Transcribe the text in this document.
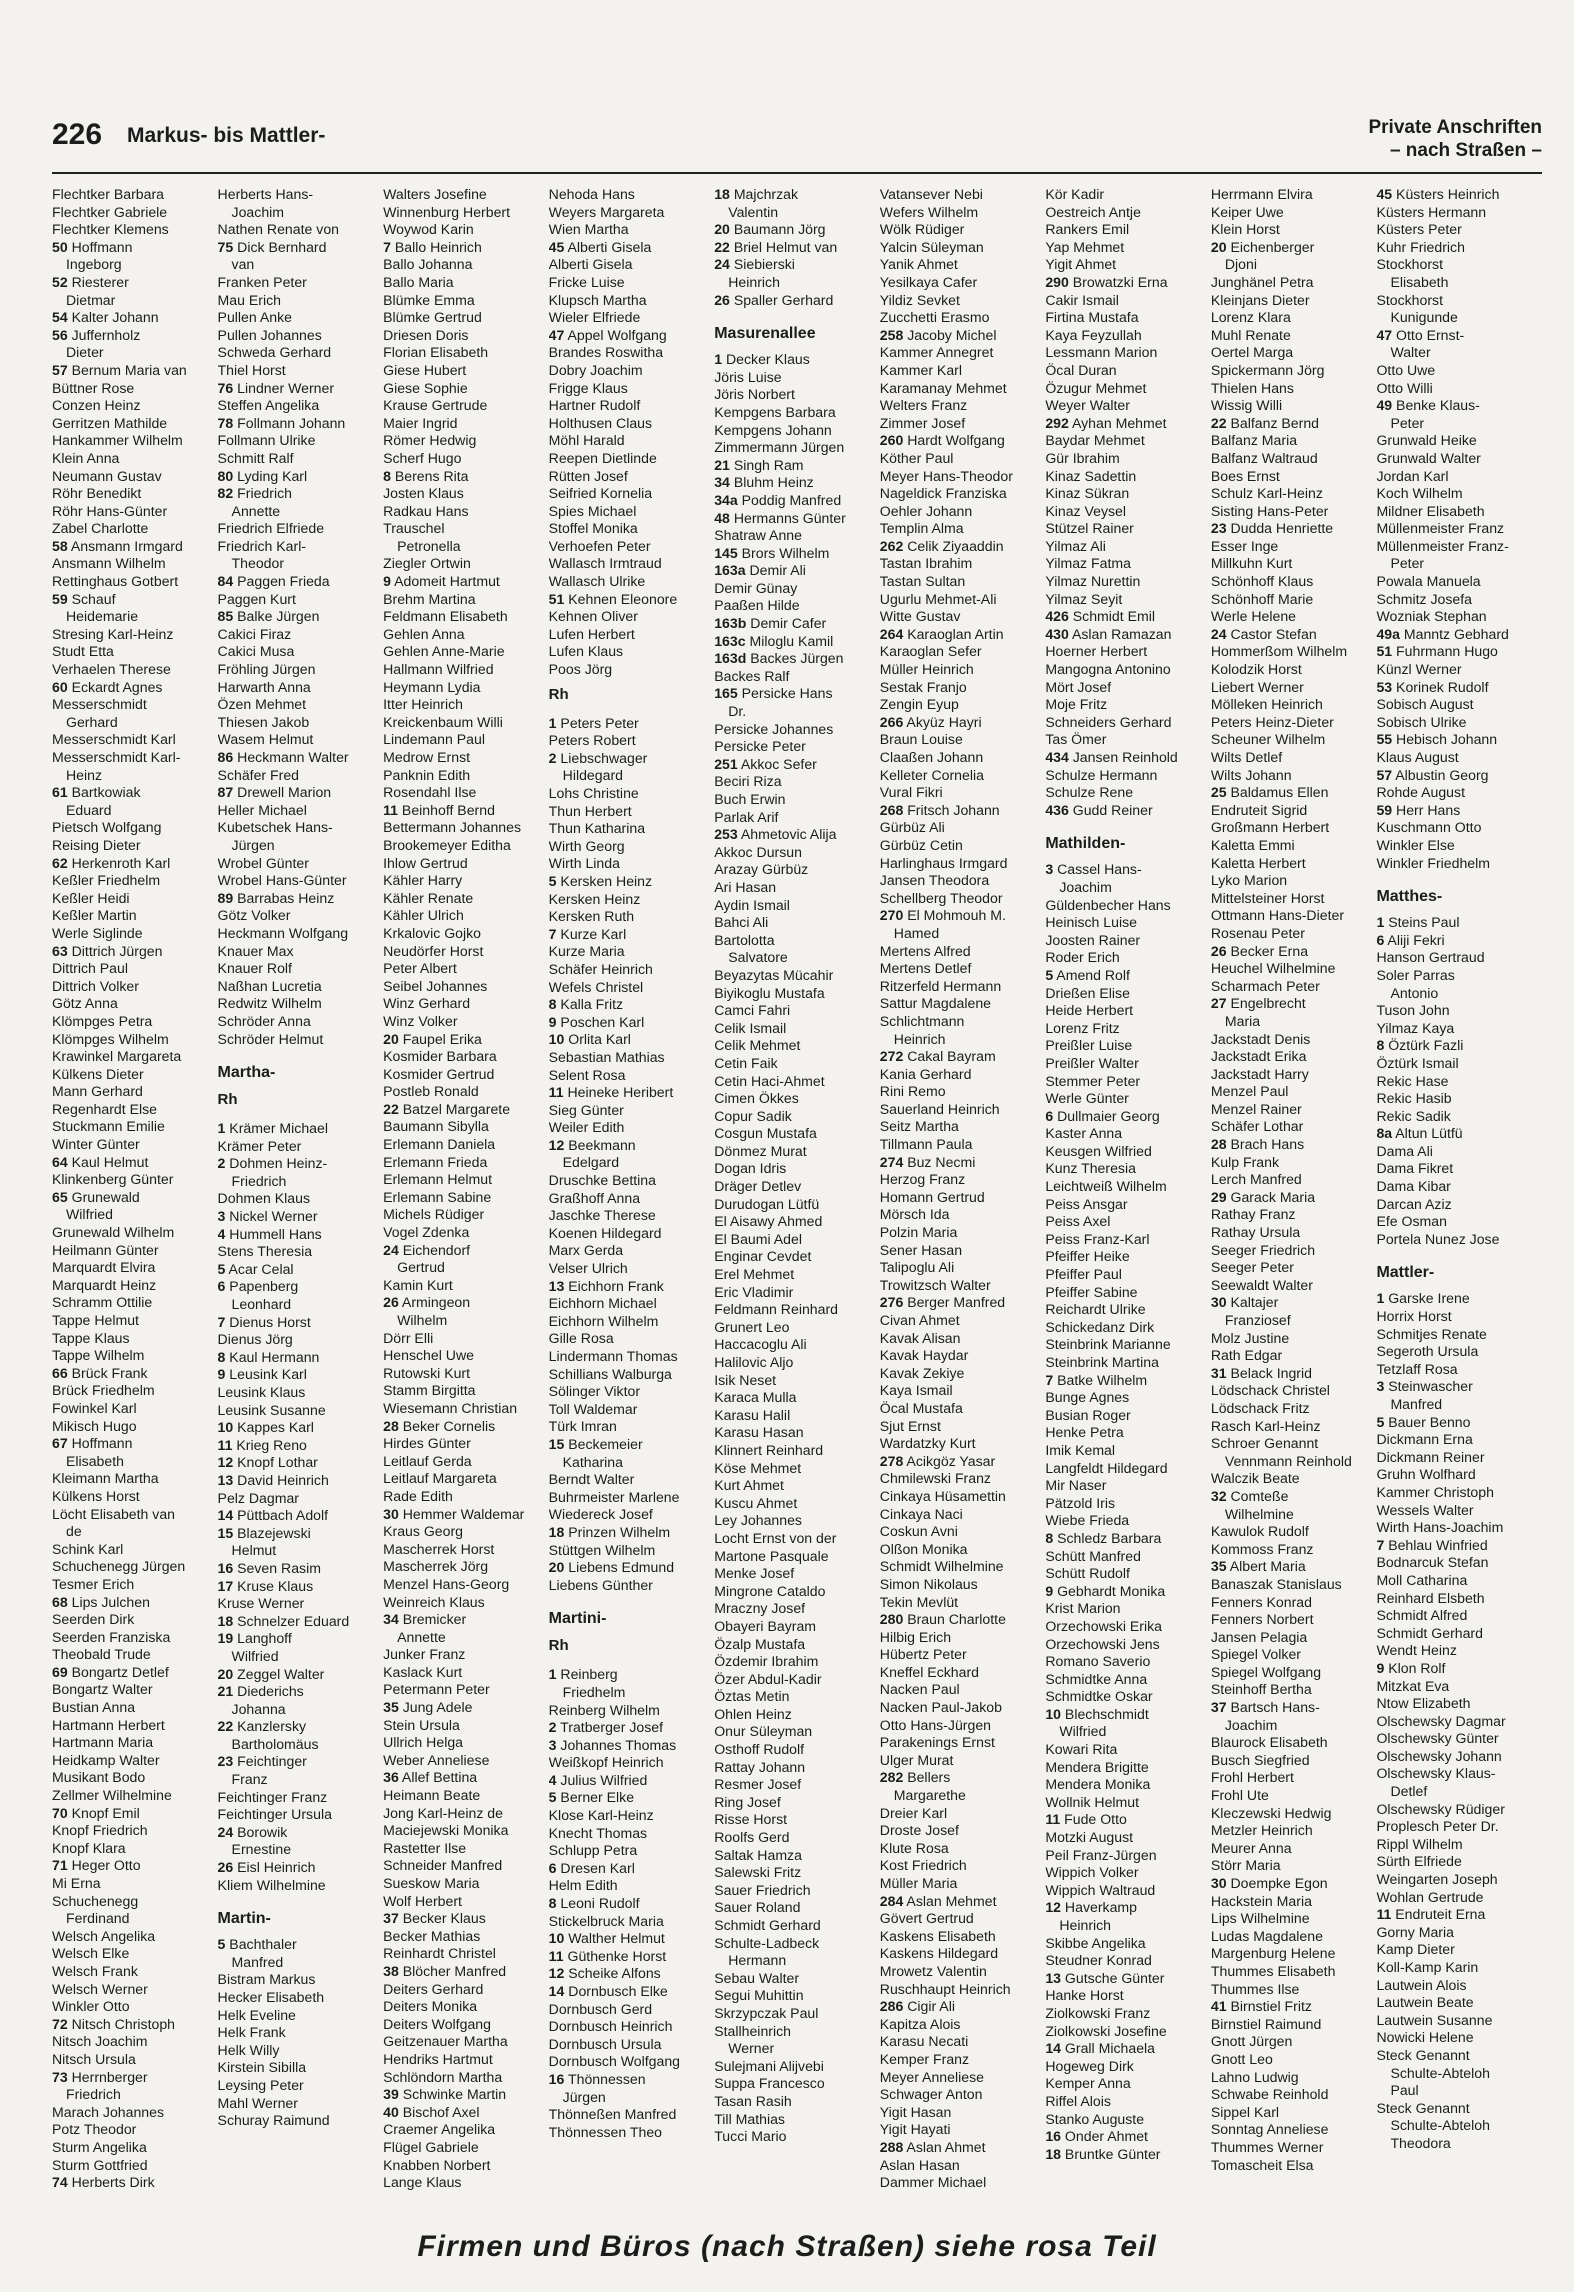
226 Markus- bis Mattler-	Private Anschriften
– nach Straßen –
Flechtker Barbara
Flechtker Gabriele
Flechtker Klemens
50 Hoffmann
Ingeborg
52 Riesterer
Dietmar
54 Kalter Johann
56 Juffernholz
Dieter
57 Bernum Maria van
Büttner Rose
Conzen Heinz
Gerritzen Mathilde
Hankammer Wilhelm
Klein Anna
Neumann Gustav
Röhr Benedikt
Röhr Hans-Günter
Zabel Charlotte
58 Ansmann Irmgard
Ansmann Wilhelm
Rettinghaus Gotbert
59 Schauf
Heidemarie
Stresing Karl-Heinz
Studt Etta
Verhaelen Therese
60 Eckardt Agnes
Messerschmidt
Gerhard
Messerschmidt Karl
Messerschmidt Karl-
Heinz
61 Bartkowiak
Eduard
Pietsch Wolfgang
Reising Dieter
62 Herkenroth Karl
Keßler Friedhelm
Keßler Heidi
Keßler Martin
Werle Siglinde
63 Dittrich Jürgen
Dittrich Paul
Dittrich Volker
Götz Anna
Klömpges Petra
Klömpges Wilhelm
Krawinkel Margareta
Külkens Dieter
Mann Gerhard
Regenhardt Else
Stuckmann Emilie
Winter Günter
64 Kaul Helmut
Klinkenberg Günter
65 Grunewald
Wilfried
Grunewald Wilhelm
Heilmann Günter
Marquardt Elvira
Marquardt Heinz
Schramm Ottilie
Tappe Helmut
Tappe Klaus
Tappe Wilhelm
66 Brück Frank
Brück Friedhelm
Fowinkel Karl
Mikisch Hugo
67 Hoffmann
Elisabeth
Kleimann Martha
Külkens Horst
Löcht Elisabeth van
de
Schink Karl
Schuchenegg Jürgen
Tesmer Erich
68 Lips Julchen
Seerden Dirk
Seerden Franziska
Theobald Trude
69 Bongartz Detlef
Bongartz Walter
Bustian Anna
Hartmann Herbert
Hartmann Maria
Heidkamp Walter
Musikant Bodo
Zellmer Wilhelmine
70 Knopf Emil
Knopf Friedrich
Knopf Klara
71 Heger Otto
Mi Erna
Schuchenegg
Ferdinand
Welsch Angelika
Welsch Elke
Welsch Frank
Welsch Werner
Winkler Otto
72 Nitsch Christoph
Nitsch Joachim
Nitsch Ursula
73 Herrnberger
Friedrich
Marach Johannes
Potz Theodor
Sturm Angelika
Sturm Gottfried
74 Herberts Dirk
Herberts Hans-
Joachim
Nathen Renate von
75 Dick Bernhard
van
Franken Peter
Mau Erich
Pullen Anke
Pullen Johannes
Schweda Gerhard
Thiel Horst
76 Lindner Werner
Steffen Angelika
78 Follmann Johann
Follmann Ulrike
Schmitt Ralf
80 Lyding Karl
82 Friedrich
Annette
Friedrich Elfriede
Friedrich Karl-
Theodor
84 Paggen Frieda
Paggen Kurt
85 Balke Jürgen
Cakici Firaz
Cakici Musa
Fröhling Jürgen
Harwarth Anna
Özen Mehmet
Thiesen Jakob
Wasem Helmut
86 Heckmann Walter
Schäfer Fred
87 Drewell Marion
Heller Michael
Kubetschek Hans-
Jürgen
Wrobel Günter
Wrobel Hans-Günter
89 Barrabas Heinz
Götz Volker
Heckmann Wolfgang
Knauer Max
Knauer Rolf
Naßhan Lucretia
Redwitz Wilhelm
Schröder Anna
Schröder Helmut
Martha-
Rh
1 Krämer Michael
Krämer Peter
2 Dohmen Heinz-
Friedrich
Dohmen Klaus
3 Nickel Werner
4 Hummell Hans
Stens Theresia
5 Acar Celal
6 Papenberg
Leonhard
7 Dienus Horst
Dienus Jörg
8 Kaul Hermann
9 Leusink Karl
Leusink Klaus
Leusink Susanne
10 Kappes Karl
11 Krieg Reno
12 Knopf Lothar
13 David Heinrich
Pelz Dagmar
14 Püttbach Adolf
15 Blazejewski
Helmut
16 Seven Rasim
17 Kruse Klaus
Kruse Werner
18 Schnelzer Eduard
19 Langhoff
Wilfried
20 Zeggel Walter
21 Diederichs
Johanna
22 Kanzlersky
Bartholomäus
23 Feichtinger
Franz
Feichtinger Franz
Feichtinger Ursula
24 Borowik
Ernestine
26 Eisl Heinrich
Kliem Wilhelmine
Martin-
5 Bachthaler
Manfred
Bistram Markus
Hecker Elisabeth
Helk Eveline
Helk Frank
Helk Willy
Kirstein Sibilla
Leysing Peter
Mahl Werner
Schuray Raimund
Walters Josefine
Winnenburg Herbert
Woywod Karin
7 Ballo Heinrich
Ballo Johanna
Ballo Maria
Blümke Emma
Blümke Gertrud
Driesen Doris
Florian Elisabeth
Giese Hubert
Giese Sophie
Krause Gertrude
Maier Ingrid
Römer Hedwig
Scherf Hugo
8 Berens Rita
Josten Klaus
Radkau Hans
Trauschel
Petronella
Ziegler Ortwin
9 Adomeit Hartmut
Brehm Martina
Feldmann Elisabeth
Gehlen Anna
Gehlen Anne-Marie
Hallmann Wilfried
Heymann Lydia
Itter Heinrich
Kreickenbaum Willi
Lindemann Paul
Medrow Ernst
Panknin Edith
Rosendahl Ilse
11 Beinhoff Bernd
Bettermann Johannes
Brookemeyer Editha
Ihlow Gertrud
Kähler Harry
Kähler Renate
Kähler Ulrich
Krkalovic Gojko
Neudörfer Horst
Peter Albert
Seibel Johannes
Winz Gerhard
Winz Volker
20 Faupel Erika
Kosmider Barbara
Kosmider Gertrud
Postleb Ronald
22 Batzel Margarete
Baumann Sibylla
Erlemann Daniela
Erlemann Frieda
Erlemann Helmut
Erlemann Sabine
Michels Rüdiger
Vogel Zdenka
24 Eichendorf
Gertrud
Kamin Kurt
26 Armingeon
Wilhelm
Dörr Elli
Henschel Uwe
Rutowski Kurt
Stamm Birgitta
Wiesemann Christian
28 Beker Cornelis
Hirdes Günter
Leitlauf Gerda
Leitlauf Margareta
Rade Edith
30 Hemmer Waldemar
Kraus Georg
Mascherrek Horst
Mascherrek Jörg
Menzel Hans-Georg
Weinreich Klaus
34 Bremicker
Annette
Junker Franz
Kaslack Kurt
Petermann Peter
35 Jung Adele
Stein Ursula
Ullrich Helga
Weber Anneliese
36 Allef Bettina
Heimann Beate
Jong Karl-Heinz de
Maciejewski Monika
Rastetter Ilse
Schneider Manfred
Sueskow Maria
Wolf Herbert
37 Becker Klaus
Becker Mathias
Reinhardt Christel
38 Blöcher Manfred
Deiters Gerhard
Deiters Monika
Deiters Wolfgang
Geitzenauer Martha
Hendriks Hartmut
Schlöndorn Martha
39 Schwinke Martin
40 Bischof Axel
Craemer Angelika
Flügel Gabriele
Knabben Norbert
Lange Klaus
Nehoda Hans
Weyers Margareta
Wien Martha
45 Alberti Gisela
Alberti Gisela
Fricke Luise
Klupsch Martha
Wieler Elfriede
47 Appel Wolfgang
Brandes Roswitha
Dobry Joachim
Frigge Klaus
Hartner Rudolf
Holthusen Claus
Möhl Harald
Reepen Dietlinde
Rütten Josef
Seifried Kornelia
Spies Michael
Stoffel Monika
Verhoefen Peter
Wallasch Irmtraud
Wallasch Ulrike
51 Kehnen Eleonore
Kehnen Oliver
Lufen Herbert
Lufen Klaus
Poos Jörg
Rh
1 Peters Peter
Peters Robert
2 Liebschwager
Hildegard
Lohs Christine
Thun Herbert
Thun Katharina
Wirth Georg
Wirth Linda
5 Kersken Heinz
Kersken Heinz
Kersken Ruth
7 Kurze Karl
Kurze Maria
Schäfer Heinrich
Wefels Christel
8 Kalla Fritz
9 Poschen Karl
10 Orlita Karl
Sebastian Mathias
Selent Rosa
11 Heineke Heribert
Sieg Günter
Weiler Edith
12 Beekmann
Edelgard
Druschke Bettina
Graßhoff Anna
Jaschke Therese
Koenen Hildegard
Marx Gerda
Velser Ulrich
13 Eichhorn Frank
Eichhorn Michael
Eichhorn Wilhelm
Gille Rosa
Lindermann Thomas
Schillians Walburga
Sölinger Viktor
Toll Waldemar
Türk Imran
15 Beckemeier
Katharina
Berndt Walter
Buhrmeister Marlene
Wiedereck Josef
18 Prinzen Wilhelm
Stüttgen Wilhelm
20 Liebens Edmund
Liebens Günther
Martini-
Rh
1 Reinberg
Friedhelm
Reinberg Wilhelm
2 Tratberger Josef
3 Johannes Thomas
Weißkopf Heinrich
4 Julius Wilfried
5 Berner Elke
Klose Karl-Heinz
Knecht Thomas
Schlupp Petra
6 Dresen Karl
Helm Edith
8 Leoni Rudolf
Stickelbruck Maria
10 Walther Helmut
11 Güthenke Horst
12 Scheike Alfons
14 Dornbusch Elke
Dornbusch Gerd
Dornbusch Heinrich
Dornbusch Ursula
Dornbusch Wolfgang
16 Thönnessen
Jürgen
Thönneßen Manfred
Thönnessen Theo
18 Majchrzak
Valentin
20 Baumann Jörg
22 Briel Helmut van
24 Siebierski
Heinrich
26 Spaller Gerhard
Masurenallee
1 Decker Klaus
Jöris Luise
Jöris Norbert
Kempgens Barbara
Kempgens Johann
Zimmermann Jürgen
21 Singh Ram
34 Bluhm Heinz
34a Poddig Manfred
48 Hermanns Günter
Shatraw Anne
145 Brors Wilhelm
163a Demir Ali
Demir Günay
Paaßen Hilde
163b Demir Cafer
163c Miloglu Kamil
163d Backes Jürgen
Backes Ralf
165 Persicke Hans
Dr.
Persicke Johannes
Persicke Peter
251 Akkoc Sefer
Beciri Riza
Buch Erwin
Parlak Arif
253 Ahmetovic Alija
Akkoc Dursun
Arazay Gürbüz
Ari Hasan
Aydin Ismail
Bahci Ali
Bartolotta
Salvatore
Beyazytas Mücahir
Biyikoglu Mustafa
Camci Fahri
Celik Ismail
Celik Mehmet
Cetin Faik
Cetin Haci-Ahmet
Cimen Ökkes
Copur Sadik
Cosgun Mustafa
Dönmez Murat
Dogan Idris
Dräger Detlev
Durudogan Lütfü
El Aisawy Ahmed
El Baumi Adel
Enginar Cevdet
Erel Mehmet
Eric Vladimir
Feldmann Reinhard
Grunert Leo
Haccacoglu Ali
Halilovic Aljo
Isik Neset
Karaca Mulla
Karasu Halil
Karasu Hasan
Klinnert Reinhard
Köse Mehmet
Kurt Ahmet
Kuscu Ahmet
Ley Johannes
Locht Ernst von der
Martone Pasquale
Menke Josef
Mingrone Cataldo
Mraczny Josef
Obayeri Bayram
Özalp Mustafa
Özdemir Ibrahim
Özer Abdul-Kadir
Öztas Metin
Ohlen Heinz
Onur Süleyman
Osthoff Rudolf
Rattay Johann
Resmer Josef
Ring Josef
Risse Horst
Roolfs Gerd
Saltak Hamza
Salewski Fritz
Sauer Friedrich
Sauer Roland
Schmidt Gerhard
Schulte-Ladbeck
Hermann
Sebau Walter
Segui Muhittin
Skrzypczak Paul
Stallheinrich
Werner
Sulejmani Alijvebi
Suppa Francesco
Tasan Rasih
Till Mathias
Tucci Mario
Vatansever Nebi
Wefers Wilhelm
Wölk Rüdiger
Yalcin Süleyman
Yanik Ahmet
Yesilkaya Cafer
Yildiz Sevket
Zucchetti Erasmo
258 Jacoby Michel
Kammer Annegret
Kammer Karl
Karamanay Mehmet
Welters Franz
Zimmer Josef
260 Hardt Wolfgang
Köther Paul
Meyer Hans-Theodor
Nageldick Franziska
Oehler Johann
Templin Alma
262 Celik Ziyaaddin
Tastan Ibrahim
Tastan Sultan
Ugurlu Mehmet-Ali
Witte Gustav
264 Karaoglan Artin
Karaoglan Sefer
Müller Heinrich
Sestak Franjo
Zengin Eyup
266 Akyüz Hayri
Braun Louise
Claaßen Johann
Kelleter Cornelia
Vural Fikri
268 Fritsch Johann
Gürbüz Ali
Gürbüz Cetin
Harlinghaus Irmgard
Jansen Theodora
Schellberg Theodor
270 El Mohmouh M.
Hamed
Mertens Alfred
Mertens Detlef
Ritzerfeld Hermann
Sattur Magdalene
Schlichtmann
Heinrich
272 Cakal Bayram
Kania Gerhard
Rini Remo
Sauerland Heinrich
Seitz Martha
Tillmann Paula
274 Buz Necmi
Herzog Franz
Homann Gertrud
Mörsch Ida
Polzin Maria
Sener Hasan
Talipoglu Ali
Trowitzsch Walter
276 Berger Manfred
Civan Ahmet
Kavak Alisan
Kavak Haydar
Kavak Zekiye
Kaya Ismail
Öcal Mustafa
Sjut Ernst
Wardatzky Kurt
278 Acikgöz Yasar
Chmilewski Franz
Cinkaya Hüsamettin
Cinkaya Naci
Coskun Avni
Olßon Monika
Schmidt Wilhelmine
Simon Nikolaus
Tekin Mevlüt
280 Braun Charlotte
Hilbig Erich
Hübertz Peter
Kneffel Eckhard
Nacken Paul
Nacken Paul-Jakob
Otto Hans-Jürgen
Parakenings Ernst
Ulger Murat
282 Bellers
Margarethe
Dreier Karl
Droste Josef
Klute Rosa
Kost Friedrich
Müller Maria
284 Aslan Mehmet
Gövert Gertrud
Kaskens Elisabeth
Kaskens Hildegard
Mrowetz Valentin
Ruschhaupt Heinrich
286 Cigir Ali
Kapitza Alois
Karasu Necati
Kemper Franz
Meyer Anneliese
Schwager Anton
Yigit Hasan
Yigit Hayati
288 Aslan Ahmet
Aslan Hasan
Dammer Michael
Kör Kadir
Oestreich Antje
Rankers Emil
Yap Mehmet
Yigit Ahmet
290 Browatzki Erna
Cakir Ismail
Firtina Mustafa
Kaya Feyzullah
Lessmann Marion
Öcal Duran
Özugur Mehmet
Weyer Walter
292 Ayhan Mehmet
Baydar Mehmet
Gür Ibrahim
Kinaz Sadettin
Kinaz Sükran
Kinaz Veysel
Stützel Rainer
Yilmaz Ali
Yilmaz Fatma
Yilmaz Nurettin
Yilmaz Seyit
426 Schmidt Emil
430 Aslan Ramazan
Hoerner Herbert
Mangogna Antonino
Mört Josef
Moje Fritz
Schneiders Gerhard
Tas Ömer
434 Jansen Reinhold
Schulze Hermann
Schulze Rene
436 Gudd Reiner
Mathilden-
3 Cassel Hans-
Joachim
Güldenbecher Hans
Heinisch Luise
Joosten Rainer
Roder Erich
5 Amend Rolf
Drießen Elise
Heide Herbert
Lorenz Fritz
Preißler Luise
Preißler Walter
Stemmer Peter
Werle Günter
6 Dullmaier Georg
Kaster Anna
Keusgen Wilfried
Kunz Theresia
Leichtweiß Wilhelm
Peiss Ansgar
Peiss Axel
Peiss Franz-Karl
Pfeiffer Heike
Pfeiffer Paul
Pfeiffer Sabine
Reichardt Ulrike
Schickedanz Dirk
Steinbrink Marianne
Steinbrink Martina
7 Batke Wilhelm
Bunge Agnes
Busian Roger
Henke Petra
Imik Kemal
Langfeldt Hildegard
Mir Naser
Pätzold Iris
Wiebe Frieda
8 Schledz Barbara
Schütt Manfred
Schütt Rudolf
9 Gebhardt Monika
Krist Marion
Orzechowski Erika
Orzechowski Jens
Romano Saverio
Schmidtke Anna
Schmidtke Oskar
10 Blechschmidt
Wilfried
Kowari Rita
Mendera Brigitte
Mendera Monika
Wollnik Helmut
11 Fude Otto
Motzki August
Peil Franz-Jürgen
Wippich Volker
Wippich Waltraud
12 Haverkamp
Heinrich
Skibbe Angelika
Steudner Konrad
13 Gutsche Günter
Hanke Horst
Ziolkowski Franz
Ziolkowski Josefine
14 Grall Michaela
Hogeweg Dirk
Kemper Anna
Riffel Alois
Stanko Auguste
16 Onder Ahmet
18 Bruntke Günter
Herrmann Elvira
Keiper Uwe
Klein Horst
20 Eichenberger
Djoni
Junghänel Petra
Kleinjans Dieter
Lorenz Klara
Muhl Renate
Oertel Marga
Spickermann Jörg
Thielen Hans
Wissig Willi
22 Balfanz Bernd
Balfanz Maria
Balfanz Waltraud
Boes Ernst
Schulz Karl-Heinz
Sisting Hans-Peter
23 Dudda Henriette
Esser Inge
Millkuhn Kurt
Schönhoff Klaus
Schönhoff Marie
Werle Helene
24 Castor Stefan
Hommerßom Wilhelm
Kolodzik Horst
Liebert Werner
Mölleken Heinrich
Peters Heinz-Dieter
Scheuner Wilhelm
Wilts Detlef
Wilts Johann
25 Baldamus Ellen
Endruteit Sigrid
Großmann Herbert
Kaletta Emmi
Kaletta Herbert
Lyko Marion
Mittelsteiner Horst
Ottmann Hans-Dieter
Rosenau Peter
26 Becker Erna
Heuchel Wilhelmine
Scharmach Peter
27 Engelbrecht
Maria
Jackstadt Denis
Jackstadt Erika
Jackstadt Harry
Menzel Paul
Menzel Rainer
Schäfer Lothar
28 Brach Hans
Kulp Frank
Lerch Manfred
29 Garack Maria
Rathay Franz
Rathay Ursula
Seeger Friedrich
Seeger Peter
Seewaldt Walter
30 Kaltajer
Franziosef
Molz Justine
Rath Edgar
31 Belack Ingrid
Lödschack Christel
Lödschack Fritz
Rasch Karl-Heinz
Schroer Genannt
Vennmann Reinhold
Walczik Beate
32 Comteße
Wilhelmine
Kawulok Rudolf
Kommoss Franz
35 Albert Maria
Banaszak Stanislaus
Fenners Konrad
Fenners Norbert
Jansen Pelagia
Spiegel Volker
Spiegel Wolfgang
Steinhoff Bertha
37 Bartsch Hans-
Joachim
Blaurock Elisabeth
Busch Siegfried
Frohl Herbert
Frohl Ute
Kleczewski Hedwig
Metzler Heinrich
Meurer Anna
Störr Maria
30 Doempke Egon
Hackstein Maria
Lips Wilhelmine
Ludas Magdalene
Margenburg Helene
Thummes Elisabeth
Thummes Ilse
41 Birnstiel Fritz
Birnstiel Raimund
Gnott Jürgen
Gnott Leo
Lahno Ludwig
Schwabe Reinhold
Sippel Karl
Sonntag Anneliese
Thummes Werner
Tomascheit Elsa
45 Küsters Heinrich
Küsters Hermann
Küsters Peter
Kuhr Friedrich
Stockhorst
Elisabeth
Stockhorst
Kunigunde
47 Otto Ernst-
Walter
Otto Uwe
Otto Willi
49 Benke Klaus-
Peter
Grunwald Heike
Grunwald Walter
Jordan Karl
Koch Wilhelm
Mildner Elisabeth
Müllenmeister Franz
Müllenmeister Franz-
Peter
Powala Manuela
Schmitz Josefa
Wozniak Stephan
49a Manntz Gebhard
51 Fuhrmann Hugo
Künzl Werner
53 Korinek Rudolf
Sobisch August
Sobisch Ulrike
55 Hebisch Johann
Klaus August
57 Albustin Georg
Rohde August
59 Herr Hans
Kuschmann Otto
Winkler Else
Winkler Friedhelm
Matthes-
1 Steins Paul
6 Aliji Fekri
Hanson Gertraud
Soler Parras
Antonio
Tuson John
Yilmaz Kaya
8 Öztürk Fazli
Öztürk Ismail
Rekic Hase
Rekic Hasib
Rekic Sadik
8a Altun Lütfü
Dama Ali
Dama Fikret
Dama Kibar
Darcan Aziz
Efe Osman
Portela Nunez Jose
Mattler-
1 Garske Irene
Horrix Horst
Schmitjes Renate
Segeroth Ursula
Tetzlaff Rosa
3 Steinwascher
Manfred
5 Bauer Benno
Dickmann Erna
Dickmann Reiner
Gruhn Wolfhard
Kammer Christoph
Wessels Walter
Wirth Hans-Joachim
7 Behlau Winfried
Bodnarcuk Stefan
Moll Catharina
Reinhard Elsbeth
Schmidt Alfred
Schmidt Gerhard
Wendt Heinz
9 Klon Rolf
Mitzkat Eva
Ntow Elizabeth
Olschewsky Dagmar
Olschewsky Günter
Olschewsky Johann
Olschewsky Klaus-
Detlef
Olschewsky Rüdiger
Proplesch Peter Dr.
Rippl Wilhelm
Sürth Elfriede
Weingarten Joseph
Wohlan Gertrude
11 Endruteit Erna
Gorny Maria
Kamp Dieter
Koll-Kamp Karin
Lautwein Alois
Lautwein Beate
Lautwein Susanne
Nowicki Helene
Steck Genannt
Schulte-Abteloh
Paul
Steck Genannt
Schulte-Abteloh
Theodora
Firmen und Büros (nach Straßen) siehe rosa Teil
